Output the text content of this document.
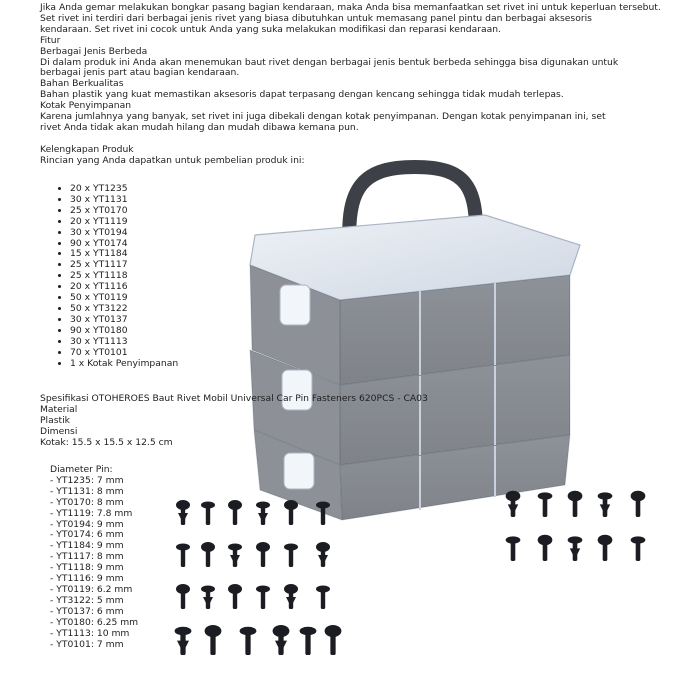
Jika Anda gemar melakukan bongkar pasang bagian kendaraan, maka Anda bisa memanfaatkan set rivet ini untuk keperluan tersebut.
Set rivet ini terdiri dari berbagai jenis rivet yang biasa dibutuhkan untuk memasang panel pintu dan berbagai aksesoris
kendaraan. Set rivet ini cocok untuk Anda yang suka melakukan modifikasi dan reparasi kendaraan.
Fitur
Berbagai Jenis Berbeda
Di dalam produk ini Anda akan menemukan baut rivet dengan berbagai jenis bentuk berbeda sehingga bisa digunakan untuk
berbagai jenis part atau bagian kendaraan.
Bahan Berkualitas
Bahan plastik yang kuat memastikan aksesoris dapat terpasang dengan kencang sehingga tidak mudah terlepas.
Kotak Penyimpanan
Karena jumlahnya yang banyak, set rivet ini juga dibekali dengan kotak penyimpanan. Dengan kotak penyimpanan ini, set
rivet Anda tidak akan mudah hilang dan mudah dibawa kemana pun.

Kelengkapan Produk
Rincian yang Anda dapatkan untuk pembelian produk ini:
• 20 x YT1235
• 30 x YT1131
• 25 x YT0170
• 20 x YT1119
• 30 x YT0194
• 90 x YT0174
• 15 x YT1184
• 25 x YT1117
• 25 x YT1118
• 20 x YT1116
• 50 x YT0119
• 50 x YT3122
• 30 x YT0137
• 90 x YT0180
• 30 x YT1113
• 70 x YT0101
• 1 x Kotak Penyimpanan
Spesifikasi OTOHEROES Baut Rivet Mobil Universal Car Pin Fasteners 620PCS - CA03
Material
Plastik
Dimensi
Kotak: 15.5 x 15.5 x 12.5 cm

Diameter Pin:
- YT1235: 7 mm
- YT1131: 8 mm
- YT0170: 8 mm
- YT1119: 7.8 mm
- YT0194: 9 mm
- YT0174: 6 mm
- YT1184: 9 mm
- YT1117: 8 mm
- YT1118: 9 mm
- YT1116: 9 mm
- YT0119: 6.2 mm
- YT3122: 5 mm
- YT0137: 6 mm
- YT0180: 6.25 mm
- YT1113: 10 mm
- YT0101: 7 mm
